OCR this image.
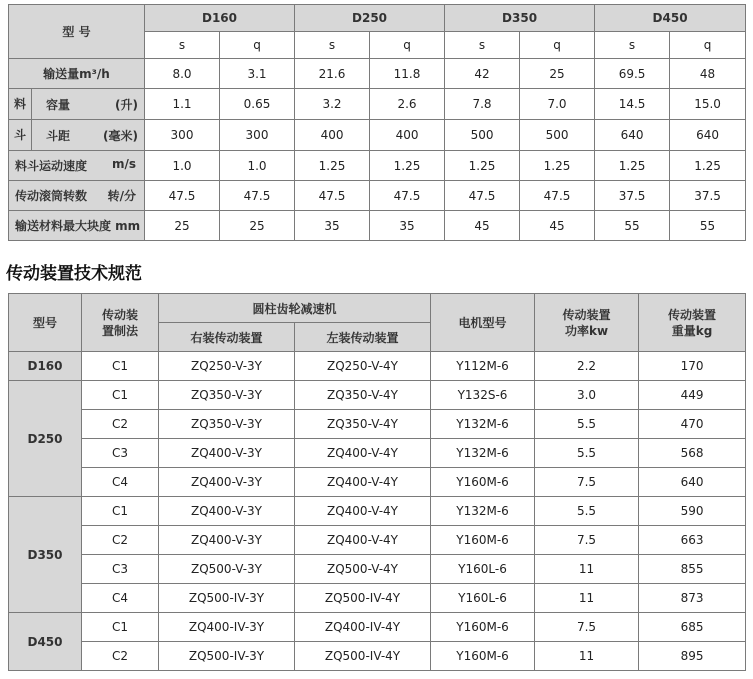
型 号	D160		D250		D350		D450	
	s	q	s	q	s	q	s	q
输送量m³/h	8.0	3.1	21.6	11.8	42	25	69.5	48

料 容量 (升)	1.1	0.65	3.2	2.6	7.8	7.0	14.5	15.0

斗 斗距 (毫米)	300	300	400	400	500	500	640	640

料斗运动速度 m/s	1.0	1.0	1.25	1.25	1.25	1.25	1.25	1.25

传动滚筒转数 转/分	47.5	47.5	47.5	47.5	47.5	47.5	37.5	37.5
输送材料最大块度 mm	25	25	35	35	45	45	55	55
传动装置技术规范
型号	传动装置制法	圆柱齿轮减速机		电机型号	传动装置功率kw	传动装置重量kg
		右装传动装置	左装传动装置			
D160	C1	ZQ250-V-3Y	ZQ250-V-4Y	Y112M-6	2.2	170
D250	C1	ZQ350-V-3Y	ZQ350-V-4Y	Y132S-6	3.0	449
	C2	ZQ350-V-3Y	ZQ350-V-4Y	Y132M-6	5.5	470
	C3	ZQ400-V-3Y	ZQ400-V-4Y	Y132M-6	5.5	568
	C4	ZQ400-V-3Y	ZQ400-V-4Y	Y160M-6	7.5	640
D350	C1	ZQ400-V-3Y	ZQ400-V-4Y	Y132M-6	5.5	590
	C2	ZQ400-V-3Y	ZQ400-V-4Y	Y160M-6	7.5	663
	C3	ZQ500-V-3Y	ZQ500-V-4Y	Y160L-6	11	855
	C4	ZQ500-IV-3Y	ZQ500-IV-4Y	Y160L-6	11	873
D450	C1	ZQ400-IV-3Y	ZQ400-IV-4Y	Y160M-6	7.5	685
	C2	ZQ500-IV-3Y	ZQ500-IV-4Y	Y160M-6	11	895
